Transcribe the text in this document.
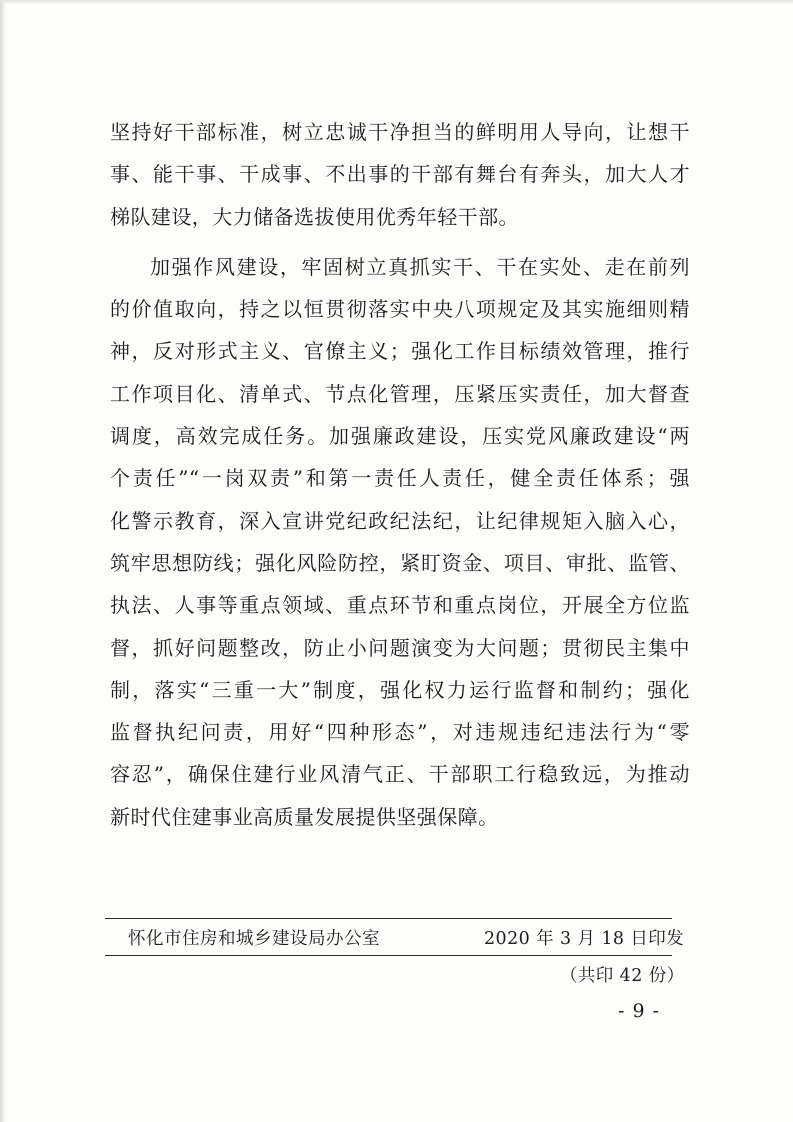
坚持好干部标准，树立忠诚干净担当的鲜明用人导向，让想干
事、能干事、干成事、不出事的干部有舞台有奔头，加大人才
梯队建设，大力储备选拔使用优秀年轻干部。

加强作风建设，牢固树立真抓实干、干在实处、走在前列
的价值取向，持之以恒贯彻落实中央八项规定及其实施细则精
神，反对形式主义、官僚主义；强化工作目标绩效管理，推行
工作项目化、清单式、节点化管理，压紧压实责任，加大督查
调度，高效完成任务。加强廉政建设，压实党风廉政建设“两
个责任”“一岗双责”和第一责任人责任，健全责任体系；强
化警示教育，深入宣讲党纪政纪法纪，让纪律规矩入脑入心，
筑牢思想防线；强化风险防控，紧盯资金、项目、审批、监管、
执法、人事等重点领域、重点环节和重点岗位，开展全方位监
督，抓好问题整改，防止小问题演变为大问题；贯彻民主集中
制，落实“三重一大”制度，强化权力运行监督和制约；强化
监督执纪问责，用好“四种形态”，对违规违纪违法行为“零
容忍”，确保住建行业风清气正、干部职工行稳致远，为推动
新时代住建事业高质量发展提供坚强保障。

怀化市住房和城乡建设局办公室	2020 年 3 月 18 日印发
（共印 42 份）
- 9 -
